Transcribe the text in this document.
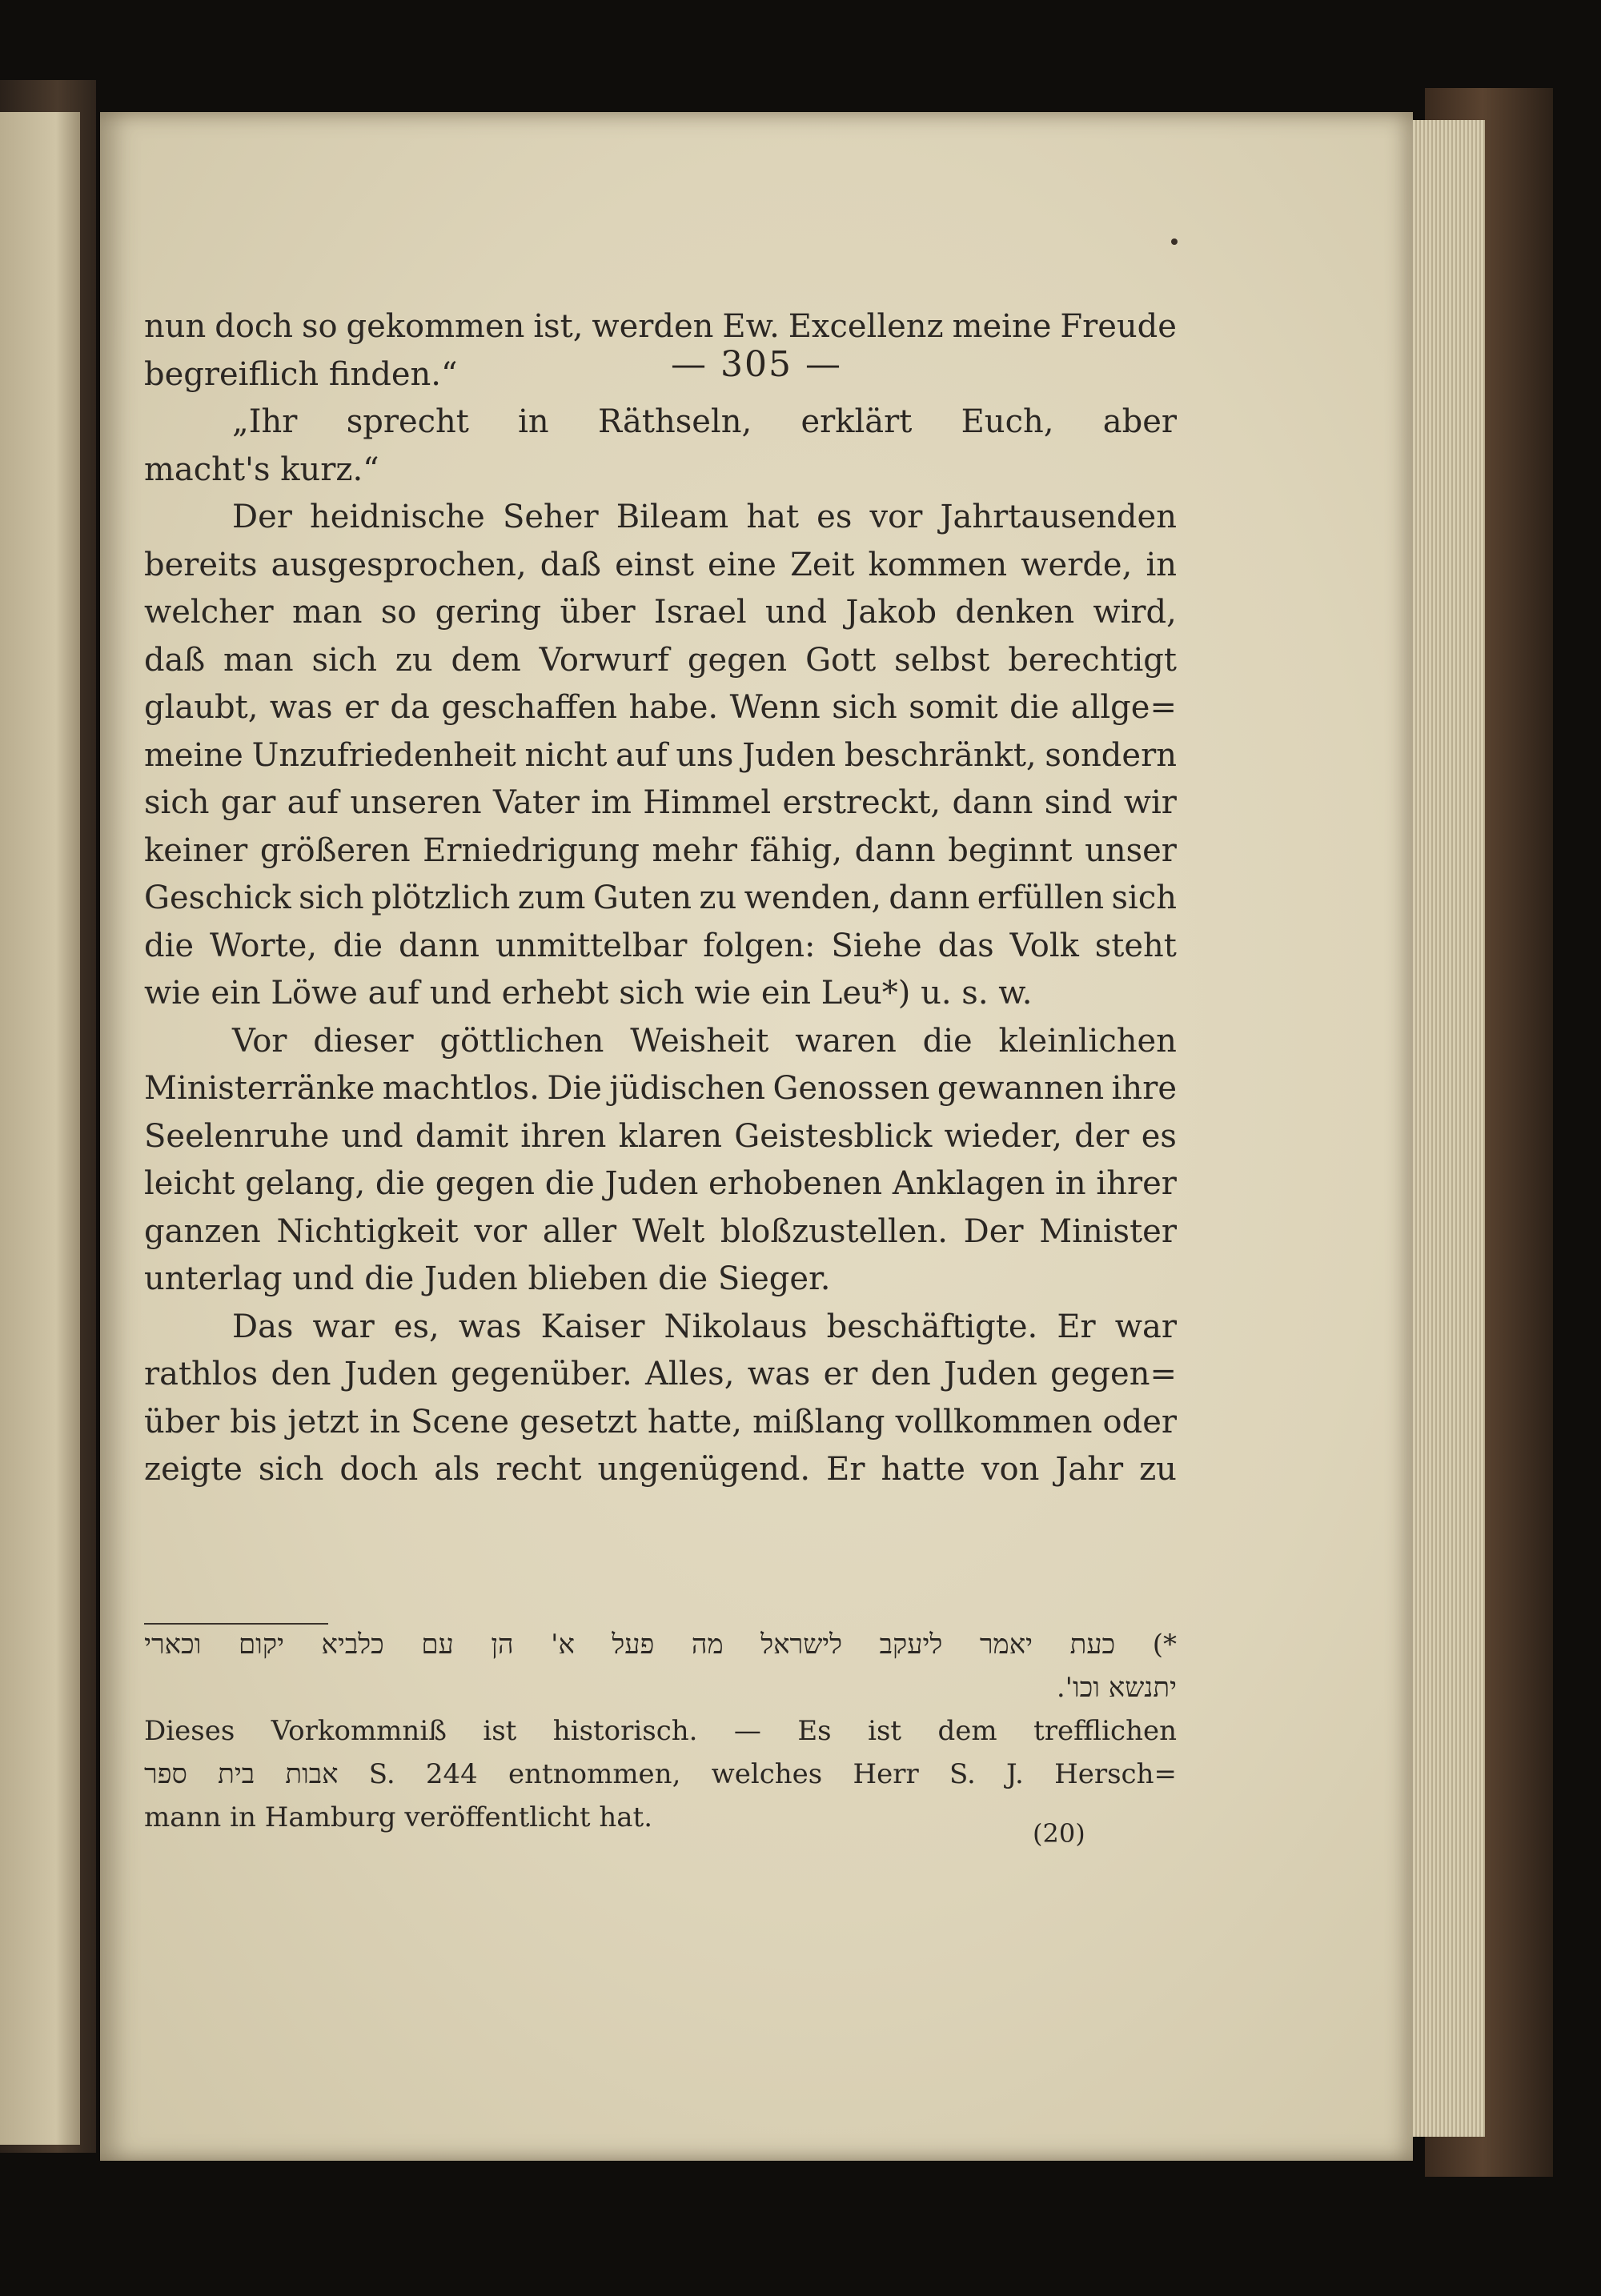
— 305 —
nun doch so gekommen ist, werden Ew. Excellenz meine Freude
begreiflich finden.“
„Ihr sprecht in Räthseln, erklärt Euch, aber
macht's kurz.“
Der heidnische Seher Bileam hat es vor Jahrtausenden
bereits ausgesprochen, daß einst eine Zeit kommen werde, in
welcher man so gering über Israel und Jakob denken wird,
daß man sich zu dem Vorwurf gegen Gott selbst berechtigt
glaubt, was er da geschaffen habe. Wenn sich somit die allge=
meine Unzufriedenheit nicht auf uns Juden beschränkt, sondern
sich gar auf unseren Vater im Himmel erstreckt, dann sind wir
keiner größeren Erniedrigung mehr fähig, dann beginnt unser
Geschick sich plötzlich zum Guten zu wenden, dann erfüllen sich
die Worte, die dann unmittelbar folgen: Siehe das Volk steht
wie ein Löwe auf und erhebt sich wie ein Leu*) u. s. w.
Vor dieser göttlichen Weisheit waren die kleinlichen
Ministerränke machtlos. Die jüdischen Genossen gewannen ihre
Seelenruhe und damit ihren klaren Geistesblick wieder, der es
leicht gelang, die gegen die Juden erhobenen Anklagen in ihrer
ganzen Nichtigkeit vor aller Welt bloßzustellen. Der Minister
unterlag und die Juden blieben die Sieger.
Das war es, was Kaiser Nikolaus beschäftigte. Er war
rathlos den Juden gegenüber. Alles, was er den Juden gegen=
über bis jetzt in Scene gesetzt hatte, mißlang vollkommen oder
zeigte sich doch als recht ungenügend. Er hatte von Jahr zu
*)
כעת
יאמר
ליעקב
לישראל
מה
פעל
א'
הן
עם
כלביא
יקום
וכארי
יתנשא וכו'.
Dieses Vorkommniß ist historisch. — Es ist dem trefflichen
ספר בית אבות S. 244 entnommen, welches Herr S. J. Hersch=
mann in Hamburg veröffentlicht hat.	(20)
